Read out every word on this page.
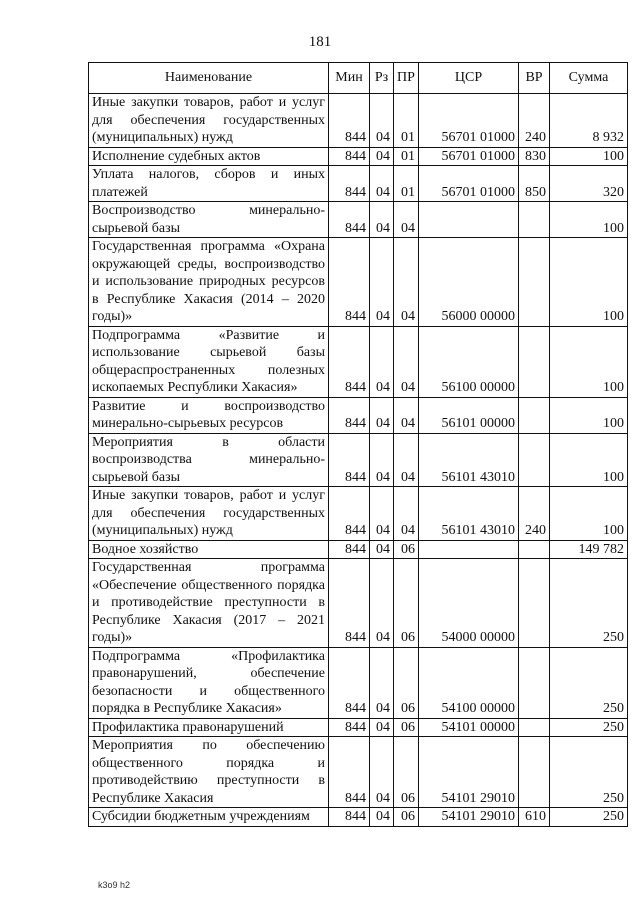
181
Наименование	Мин	Рз	ПР	ЦСР	ВР	Сумма
Иные закупки товаров, работ и услуг для обеспечения государственных (муниципальных) нужд	844	04	01	56701 01000	240	8 932
Исполнение судебных актов	844	04	01	56701 01000	830	100
Уплата налогов, сборов и иных платежей	844	04	01	56701 01000	850	320
Воспроизводство минерально-сырьевой базы	844	04	04			100
Государственная программа «Охрана окружающей среды, воспроизводство и использование природных ресурсов в Республике Хакасия (2014 – 2020 годы)»	844	04	04	56000 00000		100
Подпрограмма «Развитие и использование сырьевой базы общераспространенных полезных ископаемых Республики Хакасия»	844	04	04	56100 00000		100
Развитие и воспроизводство минерально-сырьевых ресурсов	844	04	04	56101 00000		100
Мероприятия в области воспроизводства минерально-сырьевой базы	844	04	04	56101 43010		100
Иные закупки товаров, работ и услуг для обеспечения государственных (муниципальных) нужд	844	04	04	56101 43010	240	100
Водное хозяйство	844	04	06			149 782
Государственная программа «Обеспечение общественного порядка и противодействие преступности в Республике Хакасия (2017 – 2021 годы)»	844	04	06	54000 00000		250
Подпрограмма «Профилактика правонарушений, обеспечение безопасности и общественного порядка в Республике Хакасия»	844	04	06	54100 00000		250
Профилактика правонарушений	844	04	06	54101 00000		250
Мероприятия по обеспечению общественного порядка и противодействию преступности в Республике Хакасия	844	04	06	54101 29010		250
Субсидии бюджетным учреждениям	844	04	06	54101 29010	610	250
k3о9 h2
